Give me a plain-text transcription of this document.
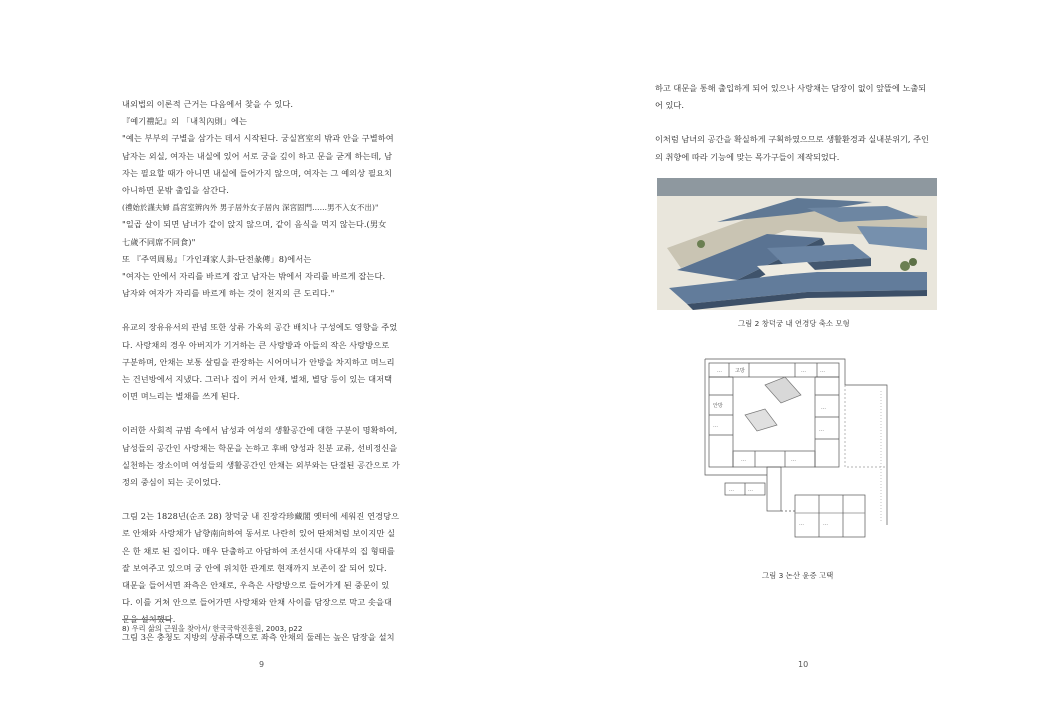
내외법의 이론적 근거는 다음에서 찾을 수 있다.

『예기禮記』의 「내칙內則」에는

"예는 부부의 구별을 삼가는 데서 시작된다. 궁실宮室의 밖과 안을 구별하여

남자는 외실, 여자는 내실에 있어 서로 궁을 깊이 하고 문을 굳게 하는데, 남

자는 필요할 때가 아니면 내실에 들어가지 않으며, 여자는 그 예의상 필요치

아니하면 문밖 출입을 삼간다.

(禮始於謹夫婦 爲宮室辨內外 男子居外女子居內 深宮固門……男不入女不出)"

"일곱 살이 되면 남녀가 같이 앉지 않으며, 같이 음식을 먹지 않는다.(男女

七歲不同席不同食)"

또 『주역周易』「가인괘家人卦-단전彖傳」8)에서는

"여자는 안에서 자리를 바르게 잡고 남자는 밖에서 자리를 바르게 잡는다.

남자와 여자가 자리를 바르게 하는 것이 천지의 큰 도리다."

유교의 장유유서의 관념 또한 상류 가옥의 공간 배치나 구성에도 영향을 주었

다. 사랑채의 경우 아버지가 기거하는 큰 사랑방과 아들의 작은 사랑방으로

구분하며, 안채는 보통 살림을 관장하는 시어머니가 안방을 차지하고 며느리

는 건넌방에서 지냈다. 그러나 집이 커서 안채, 별채, 별당 등이 있는 대저택

이면 며느리는 별채를 쓰게 된다.

이러한 사회적 규범 속에서 남성과 여성의 생활공간에 대한 구분이 명확하여,

남성들의 공간인 사랑채는 학문을 논하고 후배 양성과 친분 교류, 선비정신을

실천하는 장소이며 여성들의 생활공간인 안채는 외부와는 단절된 공간으로 가

정의 중심이 되는 곳이었다.

그림 2는 1828년(순조 28) 창덕궁 내 진장각珍藏閣 옛터에 세워진 연경당으

로 안채와 사랑채가 남향南向하여 동서로 나란히 있어 딴채처럼 보이지만 실

은 한 채로 된 집이다. 매우 단출하고 아담하여 조선시대 사대부의 집 형태를

잘 보여주고 있으며 궁 안에 위치한 관계로 현재까지 보존이 잘 되어 있다.

대문을 들어서면 좌측은 안채로, 우측은 사랑방으로 들어가게 된 중문이 있

다. 이를 거쳐 안으로 들어가면 사랑채와 안채 사이를 담장으로 막고 솟을대

문을 설치했다.

그림 3은 충청도 지방의 상류주택으로 좌측 안채의 둘레는 높은 담장을 설치

8) 우리 삶의 근원을 찾아서/ 한국국학진흥원, 2003, p22
9

하고 대문을 통해 출입하게 되어 있으나 사랑채는 담장이 없이 앞뜰에 노출되

어 있다.

이처럼 남녀의 공간을 확실하게 구획하였으므로 생활환경과 실내분위기, 주인

의 취향에 따라 기능에 맞는 목가구들이 제작되었다.

그림 2 창덕궁 내 연경당 축소 모형
…	고방	…	…
안방
…
…
…
…	…
…	…
…	…
그림 3 논산 윤증 고택
10
